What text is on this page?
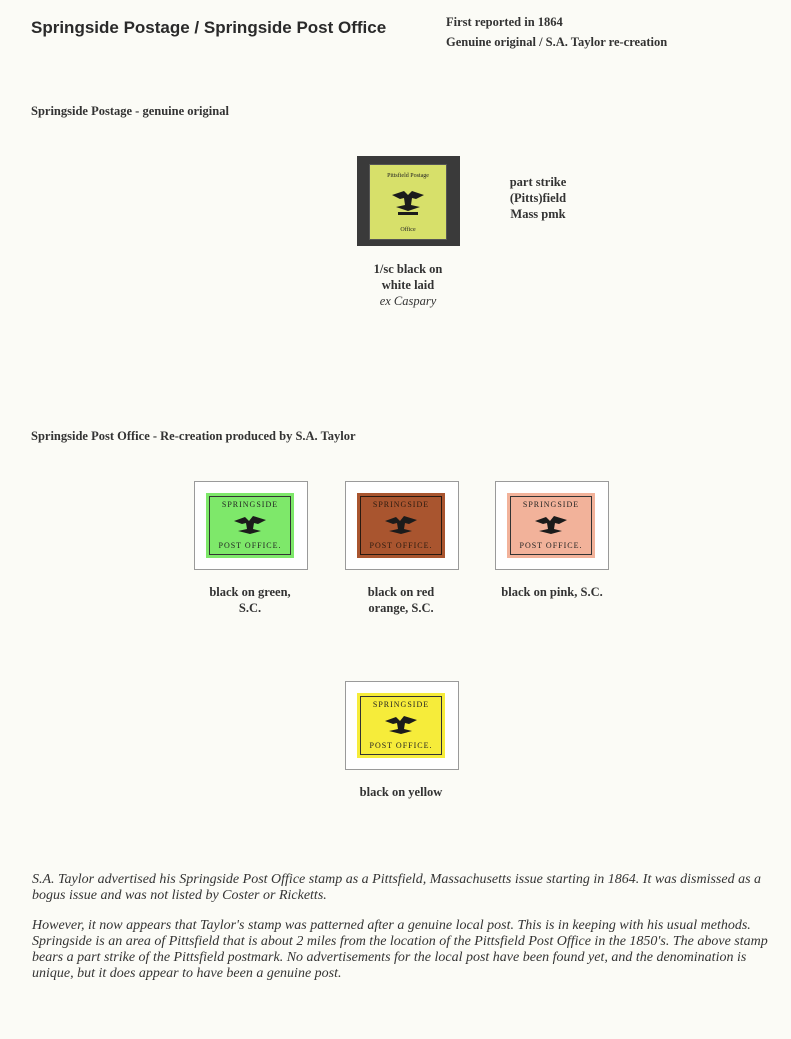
Springside Postage / Springside Post Office	First reported in 1864
Genuine original / S.A. Taylor re-creation
Springside Postage - genuine original
Pittsfield Postage
Office
part strike
(Pitts)field
Mass pmk
1/sc black on
white laid
ex Caspary
Springside Post Office - Re-creation produced by S.A. Taylor
SPRINGSIDE
POST OFFICE.
black on green,
S.C.
SPRINGSIDE
POST OFFICE.
black on red
orange, S.C.
SPRINGSIDE
POST OFFICE.
black on pink, S.C.
SPRINGSIDE
POST OFFICE.
black on yellow
S.A. Taylor advertised his Springside Post Office stamp as a Pittsfield, Massachusetts issue starting in 1864. It was dismissed as a bogus issue and was not listed by Coster or Ricketts.
However, it now appears that Taylor's stamp was patterned after a genuine local post. This is in keeping with his usual methods. Springside is an area of Pittsfield that is about 2 miles from the location of the Pittsfield Post Office in the 1850's. The above stamp bears a part strike of the Pittsfield postmark. No advertisements for the local post have been found yet, and the denomination is unique, but it does appear to have been a genuine post.
